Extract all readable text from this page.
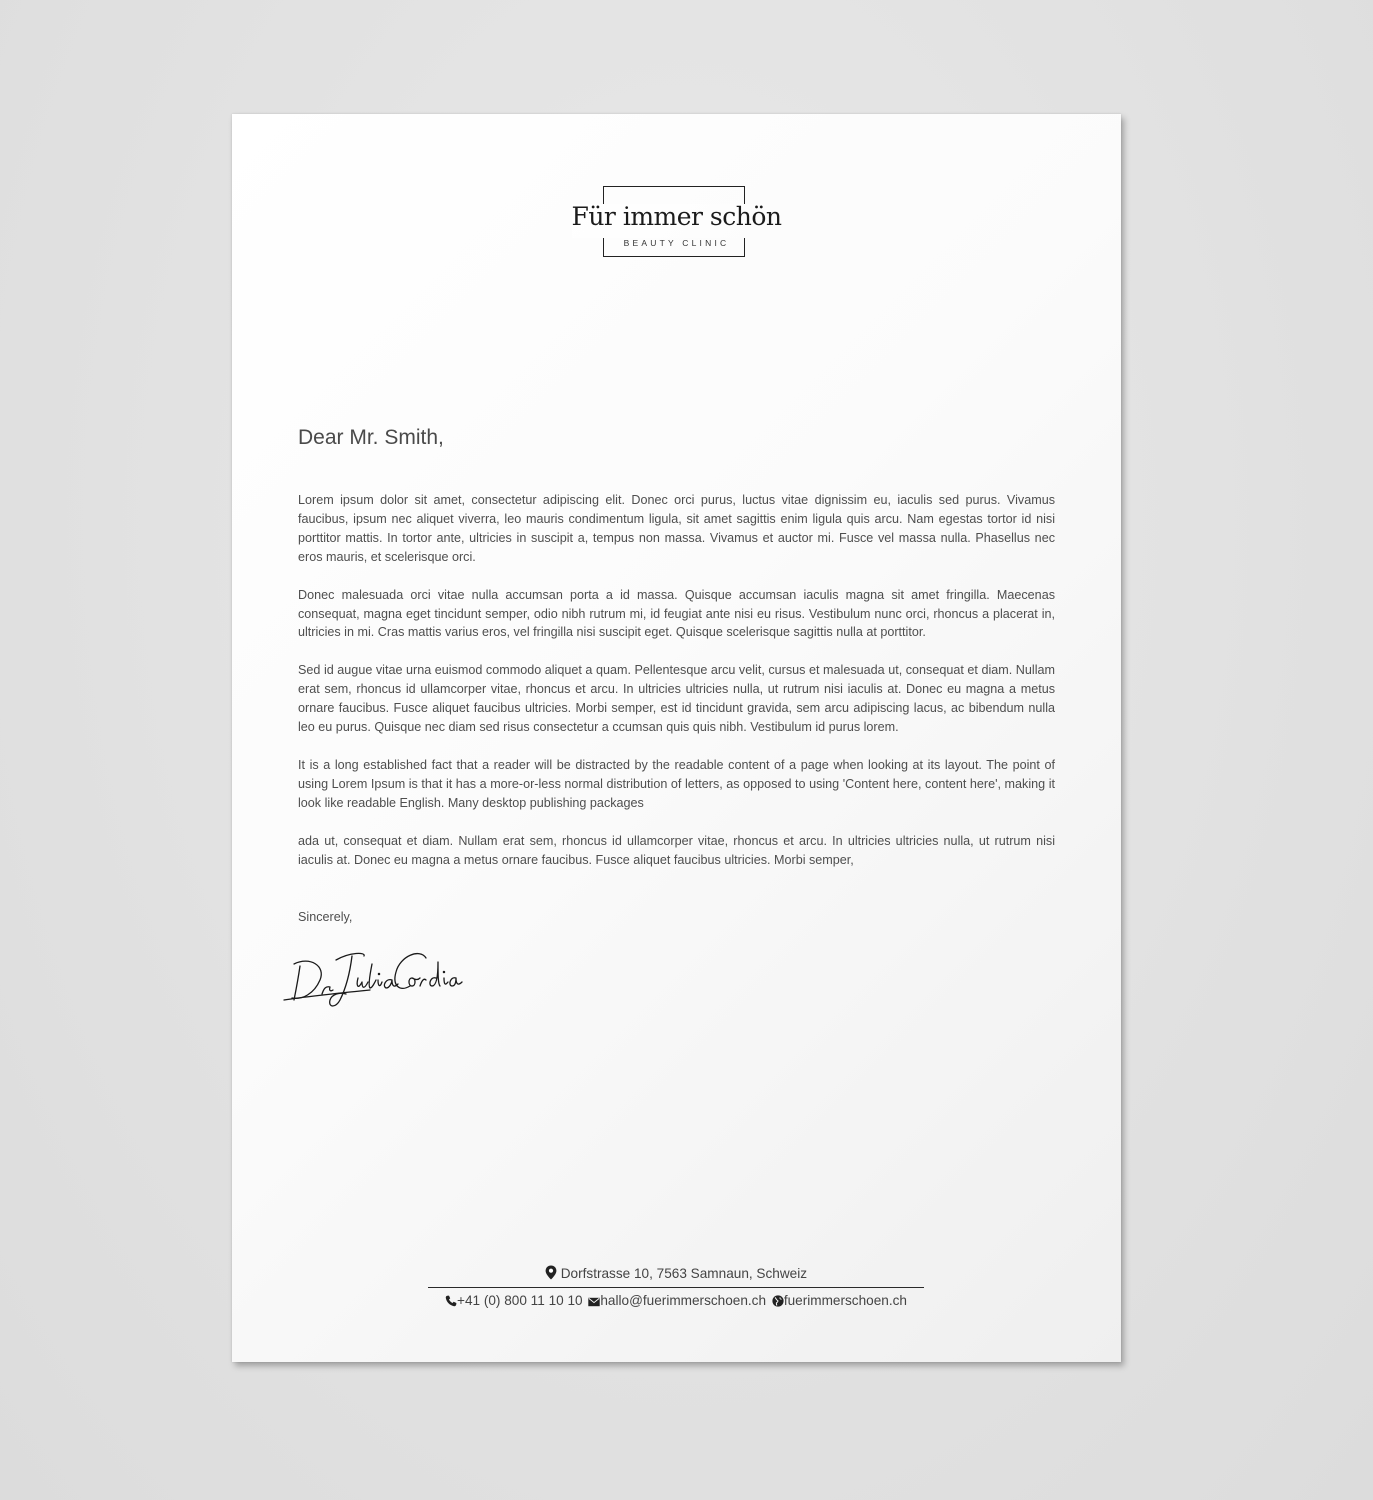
Für immer schön
BEAUTY CLINIC
Dear Mr. Smith,

Lorem ipsum dolor sit amet, consectetur adipiscing elit. Donec orci purus, luctus vitae dignissim eu, iaculis sed purus. Vivamus faucibus, ipsum nec aliquet viverra, leo mauris condimentum ligula, sit amet sagittis enim ligula quis arcu. Nam egestas tortor id nisi porttitor mattis. In tortor ante, ultricies in suscipit a, tempus non massa. Vivamus et auctor mi. Fusce vel massa nulla. Phasellus nec eros mauris, et scelerisque orci.

Donec malesuada orci vitae nulla accumsan porta a id massa. Quisque accumsan iaculis magna sit amet fringilla. Maecenas consequat, magna eget tincidunt semper, odio nibh rutrum mi, id feugiat ante nisi eu risus. Vestibulum nunc orci, rhoncus a placerat in, ultricies in mi. Cras mattis varius eros, vel fringilla nisi suscipit eget. Quisque scelerisque sagittis nulla at porttitor.

Sed id augue vitae urna euismod commodo aliquet a quam. Pellentesque arcu velit, cursus et malesuada ut, consequat et diam. Nullam erat sem, rhoncus id ullamcorper vitae, rhoncus et arcu. In ultricies ultricies nulla, ut rutrum nisi iaculis at. Donec eu magna a metus ornare faucibus. Fusce aliquet faucibus ultricies. Morbi semper, est id tincidunt gravida, sem arcu adipiscing lacus, ac bibendum nulla leo eu purus. Quisque nec diam sed risus consectetur a ccumsan quis quis nibh. Vestibulum id purus lorem.

It is a long established fact that a reader will be distracted by the readable content of a page when looking at its layout. The point of using Lorem Ipsum is that it has a more-or-less normal distribution of letters, as opposed to using 'Content here, content here', making it look like readable English. Many desktop publishing packages

ada ut, consequat et diam. Nullam erat sem, rhoncus id ullamcorper vitae, rhoncus et arcu. In ultricies ultricies nulla, ut rutrum nisi iaculis at. Donec eu magna a metus ornare faucibus. Fusce aliquet faucibus ultricies. Morbi semper,

Sincerely,
Dorfstrasse 10, 7563 Samnaun, Schweiz
+41 (0) 800 11 10 10 hallo@fuerimmerschoen.ch fuerimmerschoen.ch
